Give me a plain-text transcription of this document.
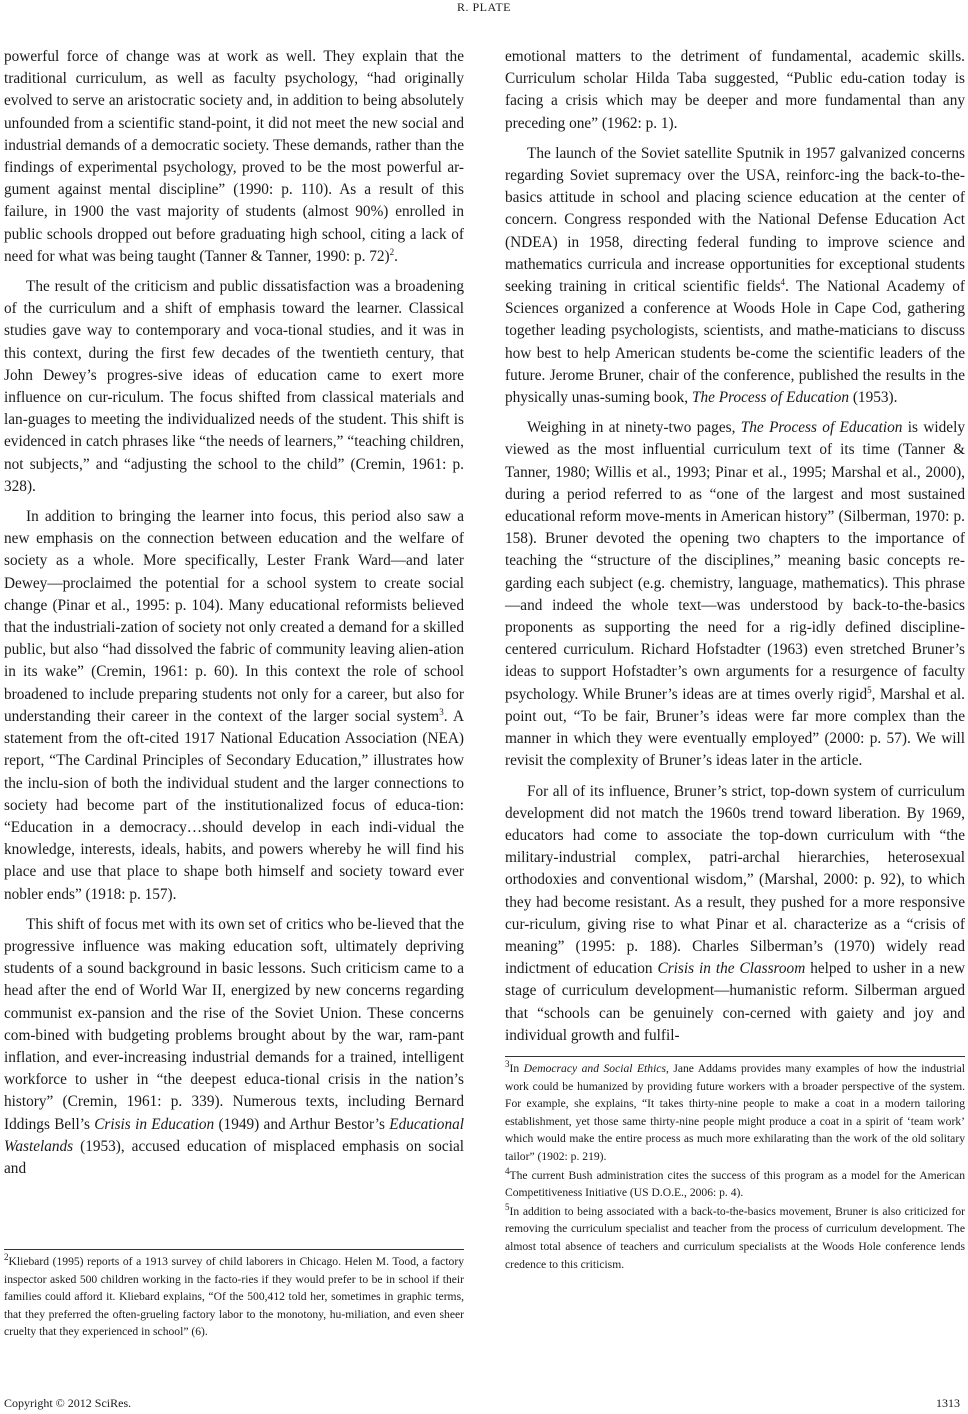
R. PLATE

powerful force of change was at work as well. They explain that the traditional curriculum, as well as faculty psychology, “had originally evolved to serve an aristocratic society and, in addition to being absolutely unfounded from a scientific stand-point, it did not meet the new social and industrial demands of a democratic society. These demands, rather than the findings of experimental psychology, proved to be the most powerful ar-gument against mental discipline” (1990: p. 110). As a result of this failure, in 1900 the vast majority of students (almost 90%) enrolled in public schools dropped out before graduating high school, citing a lack of need for what was being taught (Tanner & Tanner, 1990: p. 72)$^2$.

The result of the criticism and public dissatisfaction was a broadening of the curriculum and a shift of emphasis toward the learner. Classical studies gave way to contemporary and voca-tional studies, and it was in this context, during the first few decades of the twentieth century, that John Dewey’s progres-sive ideas of education came to exert more influence on cur-riculum. The focus shifted from classical materials and lan-guages to meeting the individualized needs of the student. This shift is evidenced in catch phrases like “the needs of learners,” “teaching children, not subjects,” and “adjusting the school to the child” (Cremin, 1961: p. 328).

In addition to bringing the learner into focus, this period also saw a new emphasis on the connection between education and the welfare of society as a whole. More specifically, Lester Frank Ward—and later Dewey—proclaimed the potential for a school system to create social change (Pinar et al., 1995: p. 104). Many educational reformists believed that the industriali-zation of society not only created a demand for a skilled public, but also “had dissolved the fabric of community leaving alien-ation in its wake” (Cremin, 1961: p. 60). In this context the role of school broadened to include preparing students not only for a career, but also for understanding their career in the context of the larger social system$^3$. A statement from the oft-cited 1917 National Education Association (NEA) report, “The Cardinal Principles of Secondary Education,” illustrates how the inclu-sion of both the individual student and the larger connections to society had become part of the institutionalized focus of educa-tion: “Education in a democracy…should develop in each indi-vidual the knowledge, interests, ideals, habits, and powers whereby he will find his place and use that place to shape both himself and society toward ever nobler ends” (1918: p. 157).

This shift of focus met with its own set of critics who be-lieved that the progressive influence was making education soft, ultimately depriving students of a sound background in basic lessons. Such criticism came to a head after the end of World War II, energized by new concerns regarding communist ex-pansion and the rise of the Soviet Union. These concerns com-bined with budgeting problems brought about by the war, ram-pant inflation, and ever-increasing industrial demands for a trained, intelligent workforce to usher in “the deepest educa-tional crisis in the nation’s history” (Cremin, 1961: p. 339). Numerous texts, including Bernard Iddings Bell’s Crisis in Education (1949) and Arthur Bestor’s Educational Wastelands (1953), accused education of misplaced emphasis on social and

emotional matters to the detriment of fundamental, academic skills. Curriculum scholar Hilda Taba suggested, “Public edu-cation today is facing a crisis which may be deeper and more fundamental than any preceding one” (1962: p. 1).

The launch of the Soviet satellite Sputnik in 1957 galvanized concerns regarding Soviet supremacy over the USA, reinforc-ing the back-to-the-basics attitude in school and placing science education at the center of concern. Congress responded with the National Defense Education Act (NDEA) in 1958, directing federal funding to improve science and mathematics curricula and increase opportunities for exceptional students seeking training in critical scientific fields$^4$. The National Academy of Sciences organized a conference at Woods Hole in Cape Cod, gathering together leading psychologists, scientists, and mathe-maticians to discuss how best to help American students be-come the scientific leaders of the future. Jerome Bruner, chair of the conference, published the results in the physically unas-suming book, The Process of Education (1953).

Weighing in at ninety-two pages, The Process of Education is widely viewed as the most influential curriculum text of its time (Tanner & Tanner, 1980; Willis et al., 1993; Pinar et al., 1995; Marshal et al., 2000), during a period referred to as “one of the largest and most sustained educational reform move-ments in American history” (Silberman, 1970: p. 158). Bruner devoted the opening two chapters to the importance of teaching the “structure of the disciplines,” meaning basic concepts re-garding each subject (e.g. chemistry, language, mathematics). This phrase—and indeed the whole text—was understood by back-to-the-basics proponents as supporting the need for a rig-idly defined discipline-centered curriculum. Richard Hofstadter (1963) even stretched Bruner’s ideas to support Hofstadter’s own arguments for a resurgence of faculty psychology. While Bruner’s ideas are at times overly rigid$^5$, Marshal et al. point out, “To be fair, Bruner’s ideas were far more complex than the manner in which they were eventually employed” (2000: p. 57). We will revisit the complexity of Bruner’s ideas later in the article.

For all of its influence, Bruner’s strict, top-down system of curriculum development did not match the 1960s trend toward liberation. By 1969, educators had come to associate the top-down curriculum with “the military-industrial complex, patri-archal hierarchies, heterosexual orthodoxies and conventional wisdom,” (Marshal, 2000: p. 92), to which they had become resistant. As a result, they pushed for a more responsive cur-riculum, giving rise to what Pinar et al. characterize as a “crisis of meaning” (1995: p. 188). Charles Silberman’s (1970) widely read indictment of education Crisis in the Classroom helped to usher in a new stage of curriculum development—humanistic reform. Silberman argued that “schools can be genuinely con-cerned with gaiety and joy and individual growth and fulfil-

$^2$Kliebard (1995) reports of a 1913 survey of child laborers in Chicago. Helen M. Tood, a factory inspector asked 500 children working in the facto-ries if they would prefer to be in school if their families could afford it. Kliebard explains, “Of the 500,412 told her, sometimes in graphic terms, that they preferred the often-grueling factory labor to the monotony, hu-miliation, and even sheer cruelty that they experienced in school” (6).

$^3$In Democracy and Social Ethics, Jane Addams provides many examples of how the industrial work could be humanized by providing future workers with a broader perspective of the system. For example, she explains, “It takes thirty-nine people to make a coat in a modern tailoring establishment, yet those same thirty-nine people might produce a coat in a spirit of ‘team work’ which would make the entire process as much more exhilarating than the work of the old solitary tailor” (1902: p. 219).

$^4$The current Bush administration cites the success of this program as a model for the American Competitiveness Initiative (US D.O.E., 2006: p. 4).

$^5$In addition to being associated with a back-to-the-basics movement, Bruner is also criticized for removing the curriculum specialist and teacher from the process of curriculum development. The almost total absence of teachers and curriculum specialists at the Woods Hole conference lends credence to this criticism.

Copyright © 2012 SciRes.	1313
